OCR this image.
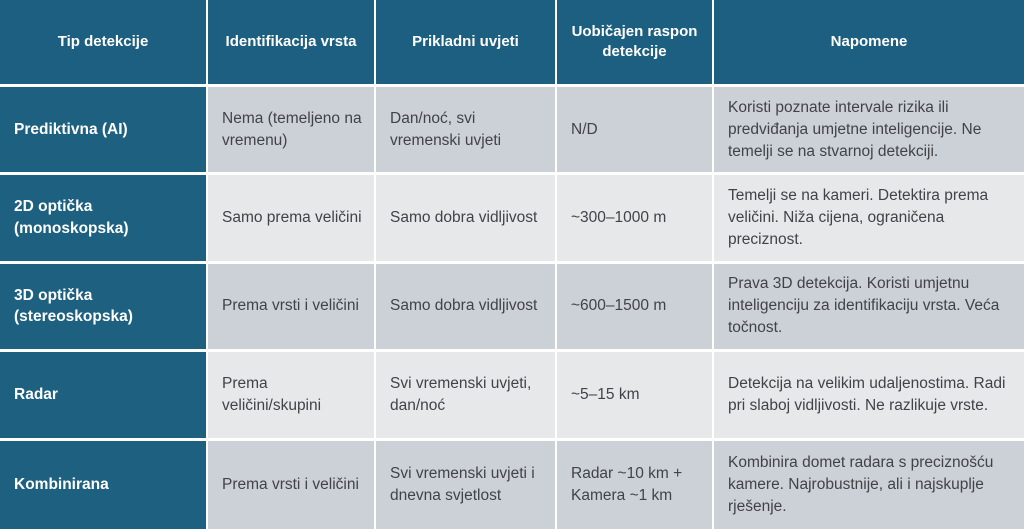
Tip detekcije	Identifikacija vrsta	Prikladni uvjeti	Uobičajen raspon detekcije	Napomene
Prediktivna (AI)	Nema (temeljeno na vremenu)	Dan/noć, svi vremenski uvjeti	N/D	Koristi poznate intervale rizika ili predviđanja umjetne inteligencije. Ne temelji se na stvarnoj detekciji.
2D optička (monoskopska)	Samo prema veličini	Samo dobra vidljivost	~300–1000 m	Temelji se na kameri. Detektira prema veličini. Niža cijena, ograničena preciznost.
3D optička (stereoskopska)	Prema vrsti i veličini	Samo dobra vidljivost	~600–1500 m	Prava 3D detekcija. Koristi umjetnu inteligenciju za identifikaciju vrsta. Veća točnost.
Radar	Prema veličini/skupini	Svi vremenski uvjeti, dan/noć	~5–15 km	Detekcija na velikim udaljenostima. Radi pri slaboj vidljivosti. Ne razlikuje vrste.
Kombinirana	Prema vrsti i veličini	Svi vremenski uvjeti i dnevna svjetlost	Radar ~10 km + Kamera ~1 km	Kombinira domet radara s preciznošću kamere. Najrobustnije, ali i najskuplje rješenje.
